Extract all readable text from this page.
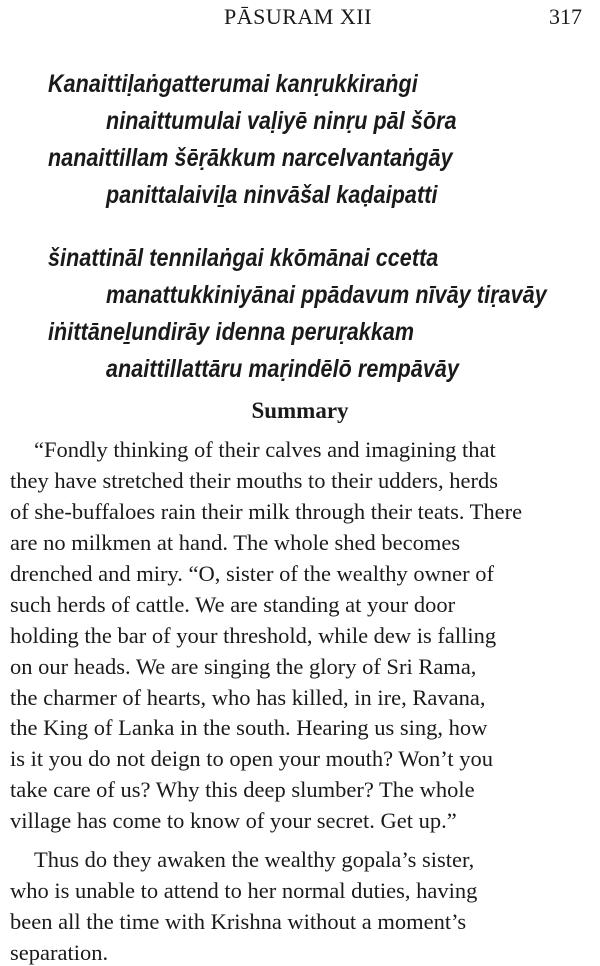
PĀSURAM XII	317
Kanaittiḷaṅgatterumai kanṛukkiraṅgi
ninaittumulai vaḷiyē ninṛu pāl šōra
nanaittillam šēṛākkum narcelvantaṅgāy
panittalaiviḻa ninvāšal kaḍaipatti
šinattināl tennilaṅgai kkōmānai ccetta
manattukkiniyānai ppādavum nīvāy tiṛavāy
iṅittāneḻundirāy idenna peruṛakkam
anaittillattāru maṛindēlō rempāvāy
Summary
“Fondly thinking of their calves and imagining that
they have stretched their mouths to their udders, herds
of she-buffaloes rain their milk through their teats. There
are no milkmen at hand. The whole shed becomes
drenched and miry. “O, sister of the wealthy owner of
such herds of cattle. We are standing at your door
holding the bar of your threshold, while dew is falling
on our heads. We are singing the glory of Sri Rama,
the charmer of hearts, who has killed, in ire, Ravana,
the King of Lanka in the south. Hearing us sing, how
is it you do not deign to open your mouth? Won’t you
take care of us? Why this deep slumber? The whole
village has come to know of your secret. Get up.”
Thus do they awaken the wealthy gopala’s sister,
who is unable to attend to her normal duties, having
been all the time with Krishna without a moment’s
separation.
